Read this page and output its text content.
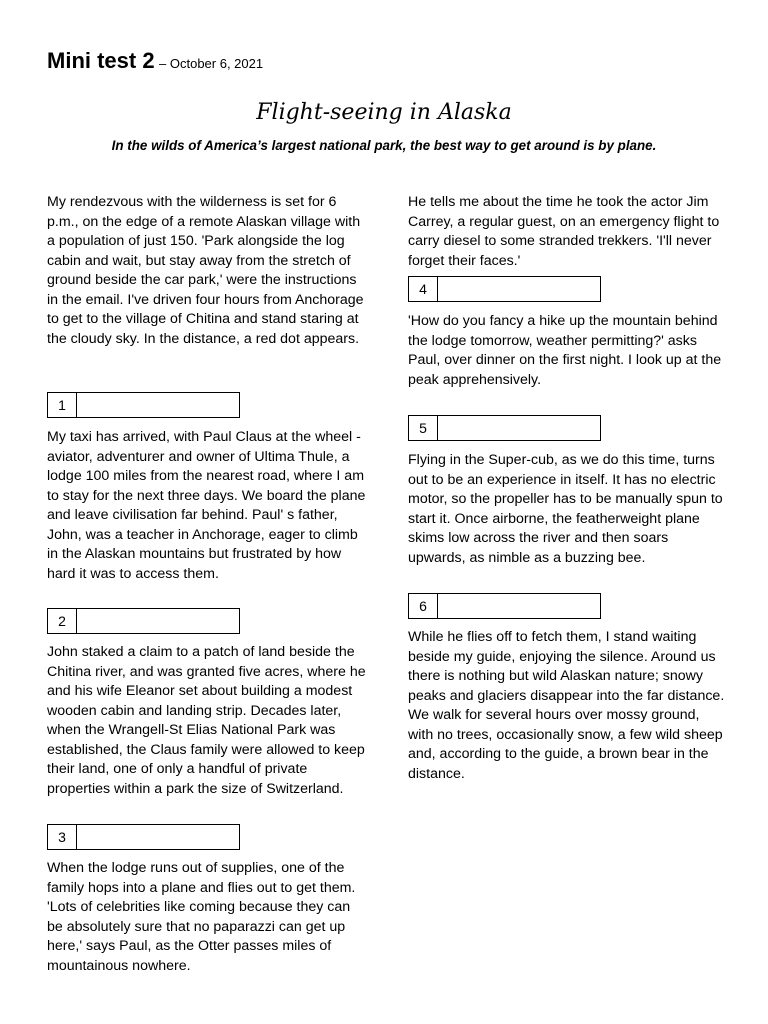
Mini test 2 – October 6, 2021
Flight-seeing in Alaska
In the wilds of America’s largest national park, the best way to get around is by plane.
My rendezvous with the wilderness is set for 6 p.m., on the edge of a remote Alaskan village with a population of just 150. 'Park alongside the log cabin and wait, but stay away from the stretch of ground beside the car park,' were the instructions in the email. I've driven four hours from Anchorage to get to the village of Chitina and stand staring at the cloudy sky. In the distance, a red dot appears.
1
My taxi has arrived, with Paul Claus at the wheel - aviator, adventurer and owner of Ultima Thule, a lodge 100 miles from the nearest road, where I am to stay for the next three days. We board the plane and leave civilisation far behind. Paul' s father, John, was a teacher in Anchorage, eager to climb in the Alaskan mountains but frustrated by how hard it was to access them.
2
John staked a claim to a patch of land beside the Chitina river, and was granted five acres, where he and his wife Eleanor set about building a modest wooden cabin and landing strip. Decades later, when the Wrangell-St Elias National Park was established, the Claus family were allowed to keep their land, one of only a handful of private properties within a park the size of Switzerland.
3
When the lodge runs out of supplies, one of the family hops into a plane and flies out to get them. 'Lots of celebrities like coming because they can be absolutely sure that no paparazzi can get up here,' says Paul, as the Otter passes miles of mountainous nowhere.
He tells me about the time he took the actor Jim Carrey, a regular guest, on an emergency flight to carry diesel to some stranded trekkers. 'I'll never forget their faces.'
4
'How do you fancy a hike up the mountain behind the lodge tomorrow, weather permitting?' asks Paul, over dinner on the first night. I look up at the peak apprehensively.
5
Flying in the Super-cub, as we do this time, turns out to be an experience in itself. It has no electric motor, so the propeller has to be manually spun to start it. Once airborne, the featherweight plane skims low across the river and then soars upwards, as nimble as a buzzing bee.
6
While he flies off to fetch them, I stand waiting beside my guide, enjoying the silence. Around us there is nothing but wild Alaskan nature; snowy peaks and glaciers disappear into the far distance. We walk for several hours over mossy ground, with no trees, occasionally snow, a few wild sheep and, according to the guide, a brown bear in the distance.
